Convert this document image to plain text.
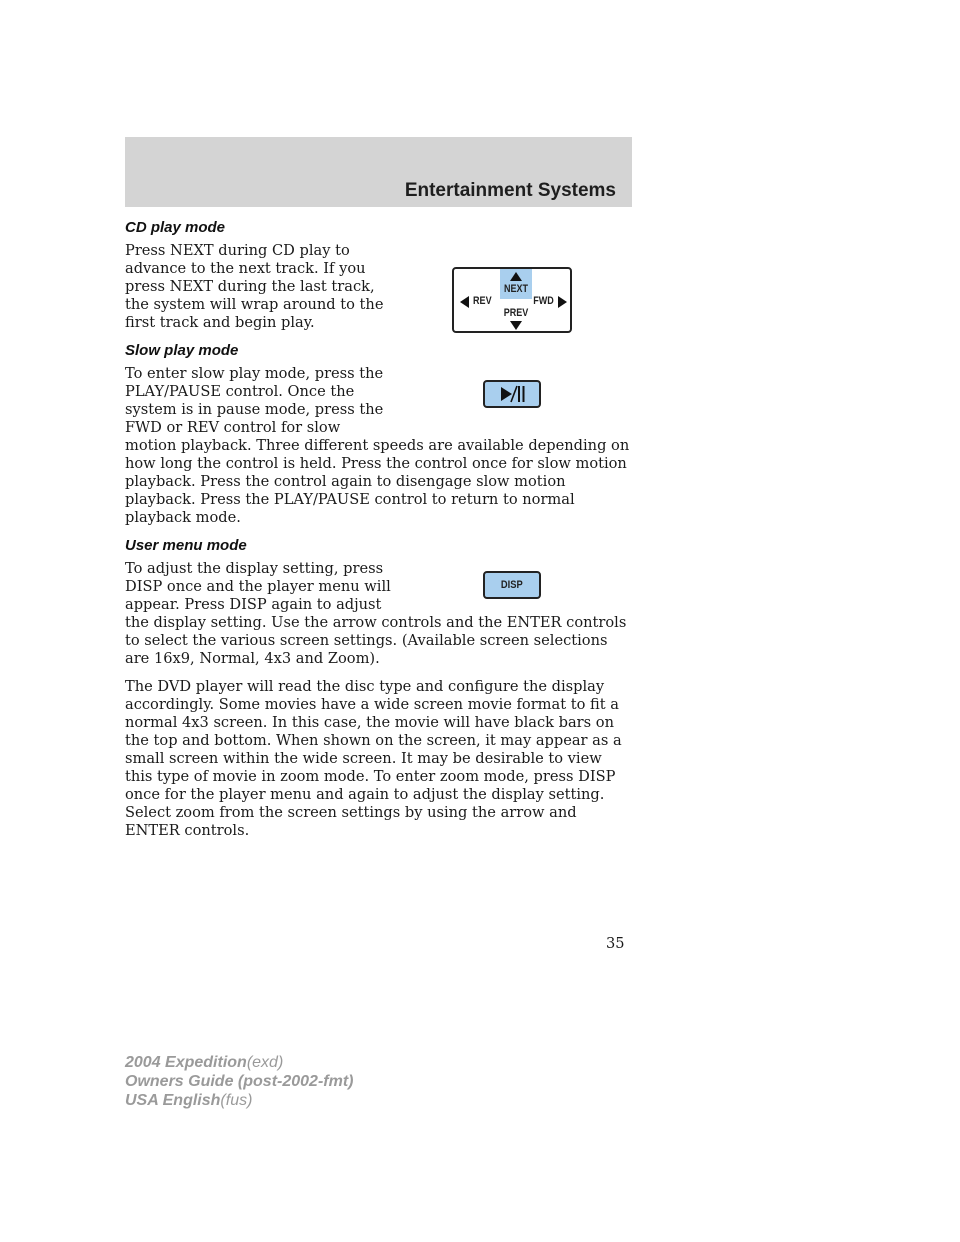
Entertainment Systems
CD play mode
NEXT
REV	FWD
PREV

Press NEXT during CD play to advance to the next track. If you press NEXT during the last track, the system will wrap around to the first track and begin play.

Slow play mode

To enter slow play mode, press the PLAY/PAUSE control. Once the system is in pause mode, press the FWD or REV control for slow motion playback. Three different speeds are available depending on how long the control is held. Press the control once for slow motion playback. Press the control again to disengage slow motion playback. Press the PLAY/PAUSE control to return to normal playback mode.

User menu mode
DISP

To adjust the display setting, press DISP once and the player menu will appear. Press DISP again to adjust the display setting. Use the arrow controls and the ENTER controls to select the various screen settings. (Available screen selections are 16x9, Normal, 4x3 and Zoom).

The DVD player will read the disc type and configure the display accordingly. Some movies have a wide screen movie format to fit a normal 4x3 screen. In this case, the movie will have black bars on the top and bottom. When shown on the screen, it may appear as a small screen within the wide screen. It may be desirable to view this type of movie in zoom mode. To enter zoom mode, press DISP once for the player menu and again to adjust the display setting. Select zoom from the screen settings by using the arrow and ENTER controls.

35
2004 Expedition(exd)
Owners Guide (post-2002-fmt)
USA English(fus)
